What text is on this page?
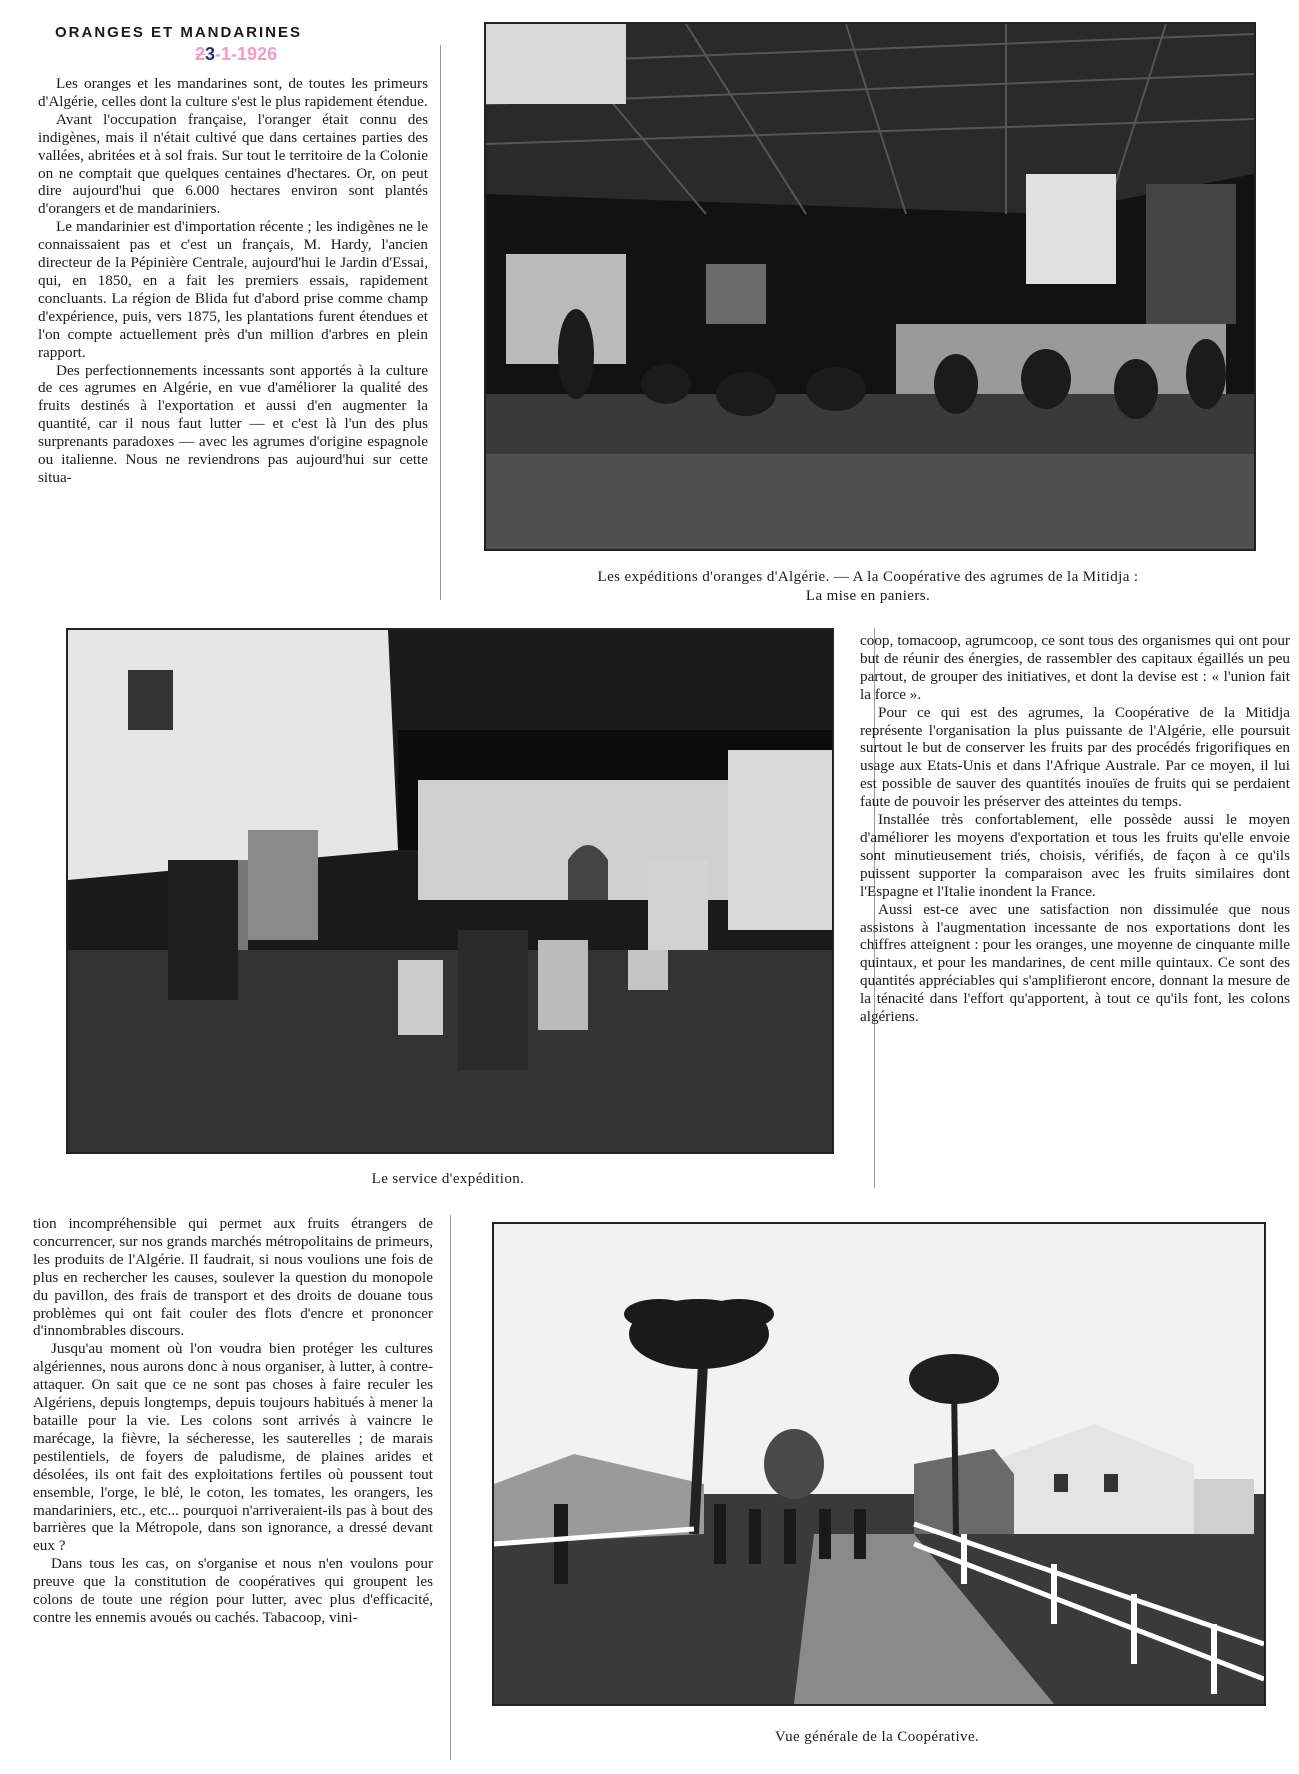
ORANGES ET MANDARINES
23-1-1926

Les oranges et les mandarines sont, de toutes les primeurs d'Algérie, celles dont la culture s'est le plus rapidement étendue.

Avant l'occupation française, l'oranger était connu des indigènes, mais il n'était cultivé que dans certaines parties des vallées, abritées et à sol frais. Sur tout le territoire de la Colonie on ne comptait que quelques centaines d'hectares. Or, on peut dire aujourd'hui que 6.000 hectares environ sont plantés d'orangers et de mandariniers.

Le mandarinier est d'importation récente ; les indigènes ne le connaissaient pas et c'est un français, M. Hardy, l'ancien directeur de la Pépinière Centrale, aujourd'hui le Jardin d'Essai, qui, en 1850, en a fait les premiers essais, rapidement concluants. La région de Blida fut d'abord prise comme champ d'expérience, puis, vers 1875, les plantations furent étendues et l'on compte actuellement près d'un million d'arbres en plein rapport.

Des perfectionnements incessants sont apportés à la culture de ces agrumes en Algérie, en vue d'améliorer la qualité des fruits destinés à l'exportation et aussi d'en augmenter la quantité, car il nous faut lutter — et c'est là l'un des plus surprenants paradoxes — avec les agrumes d'origine espagnole ou italienne. Nous ne reviendrons pas aujourd'hui sur cette situa-

Les expéditions d'oranges d'Algérie. — A la Coopérative des agrumes de la Mitidja :
La mise en paniers.
Le service d'expédition.

coop, tomacoop, agrumcoop, ce sont tous des organismes qui ont pour but de réunir des énergies, de rassembler des capitaux égaillés un peu partout, de grouper des initiatives, et dont la devise est : « l'union fait la force ».

Pour ce qui est des agrumes, la Coopérative de la Mitidja représente l'organisation la plus puissante de l'Algérie, elle poursuit surtout le but de conserver les fruits par des procédés frigorifiques en usage aux Etats-Unis et dans l'Afrique Australe. Par ce moyen, il lui est possible de sauver des quantités inouïes de fruits qui se perdaient faute de pouvoir les préserver des atteintes du temps.

Installée très confortablement, elle possède aussi le moyen d'améliorer les moyens d'exportation et tous les fruits qu'elle envoie sont minutieusement triés, choisis, vérifiés, de façon à ce qu'ils puissent supporter la comparaison avec les fruits similaires dont l'Espagne et l'Italie inondent la France.

Aussi est-ce avec une satisfaction non dissimulée que nous assistons à l'augmentation incessante de nos exportations dont les chiffres atteignent : pour les oranges, une moyenne de cinquante mille quintaux, et pour les mandarines, de cent mille quintaux. Ce sont des quantités appréciables qui s'amplifieront encore, donnant la mesure de la ténacité dans l'effort qu'apportent, à tout ce qu'ils font, les colons algériens.

tion incompréhensible qui permet aux fruits étrangers de concurrencer, sur nos grands marchés métropolitains de primeurs, les produits de l'Algérie. Il faudrait, si nous voulions une fois de plus en rechercher les causes, soulever la question du monopole du pavillon, des frais de transport et des droits de douane tous problèmes qui ont fait couler des flots d'encre et prononcer d'innombrables discours.

Jusqu'au moment où l'on voudra bien protéger les cultures algériennes, nous aurons donc à nous organiser, à lutter, à contre-attaquer. On sait que ce ne sont pas choses à faire reculer les Algériens, depuis longtemps, depuis toujours habitués à mener la bataille pour la vie. Les colons sont arrivés à vaincre le marécage, la fièvre, la sécheresse, les sauterelles ; de marais pestilentiels, de foyers de paludisme, de plaines arides et désolées, ils ont fait des exploitations fertiles où poussent tout ensemble, l'orge, le blé, le coton, les tomates, les orangers, les mandariniers, etc., etc... pourquoi n'arriveraient-ils pas à bout des barrières que la Métropole, dans son ignorance, a dressé devant eux ?

Dans tous les cas, on s'organise et nous n'en voulons pour preuve que la constitution de coopératives qui groupent les colons de toute une région pour lutter, avec plus d'efficacité, contre les ennemis avoués ou cachés. Tabacoop, vini-

Vue générale de la Coopérative.
